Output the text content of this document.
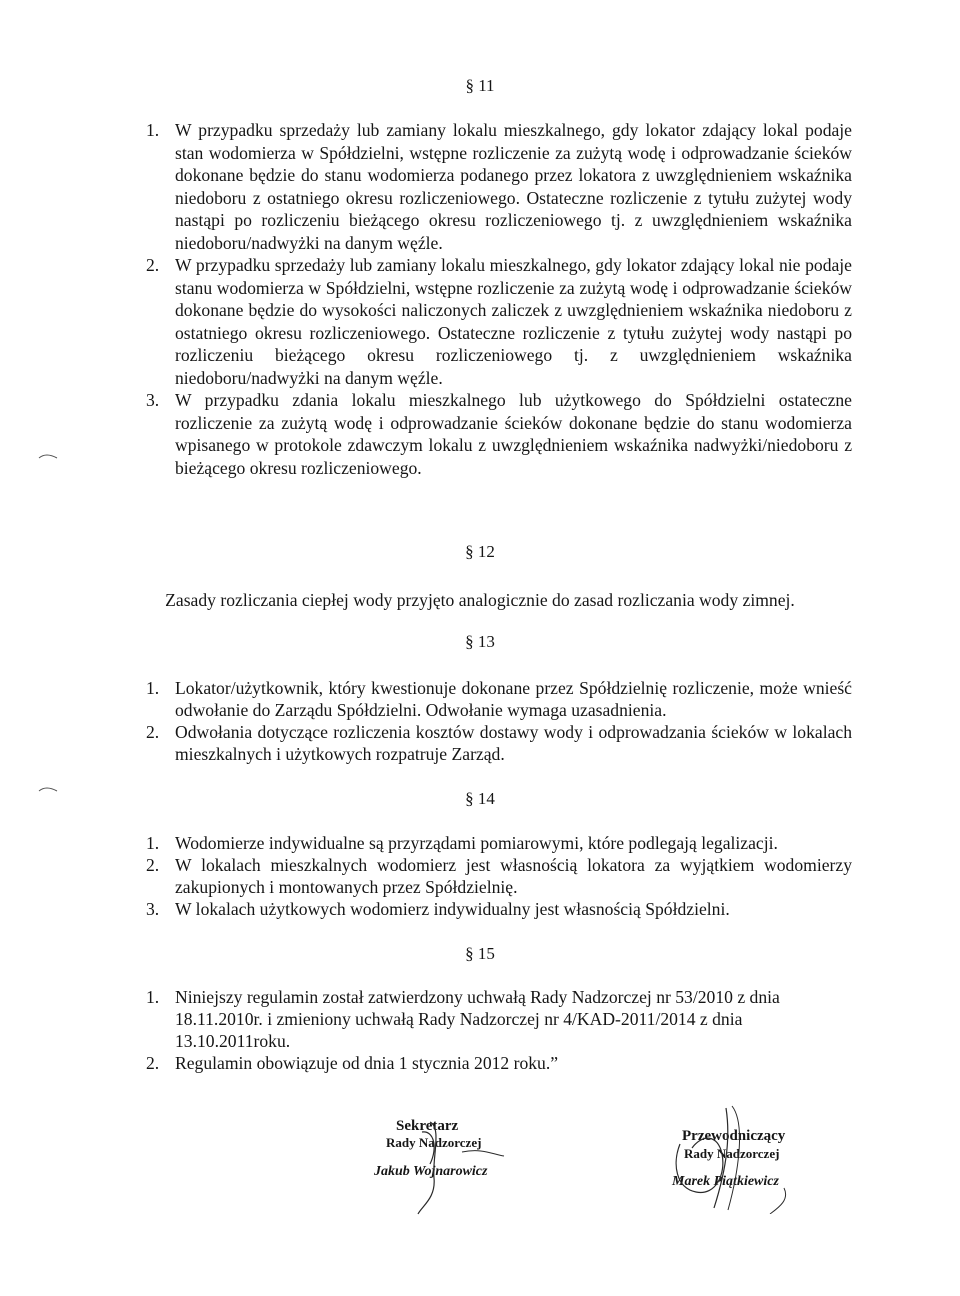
§ 11
1. W przypadku sprzedaży lub zamiany lokalu mieszkalnego, gdy lokator zdający lokal podaje stan wodomierza w Spółdzielni, wstępne rozliczenie za zużytą wodę i odprowadzanie ścieków dokonane będzie do stanu wodomierza podanego przez lokatora z uwzględnieniem wskaźnika niedoboru z ostatniego okresu rozliczeniowego. Ostateczne rozliczenie z tytułu zużytej wody nastąpi po rozliczeniu bieżącego okresu rozliczeniowego tj. z uwzględnieniem wskaźnika niedoboru/nadwyżki na danym węźle.
2. W przypadku sprzedaży lub zamiany lokalu mieszkalnego, gdy lokator zdający lokal nie podaje stanu wodomierza w Spółdzielni, wstępne rozliczenie za zużytą wodę i odprowadzanie ścieków dokonane będzie do wysokości naliczonych zaliczek z uwzględnieniem wskaźnika niedoboru z ostatniego okresu rozliczeniowego. Ostateczne rozliczenie z tytułu zużytej wody nastąpi po rozliczeniu bieżącego okresu rozliczeniowego tj. z uwzględnieniem wskaźnika niedoboru/nadwyżki na danym węźle.
3. W przypadku zdania lokalu mieszkalnego lub użytkowego do Spółdzielni ostateczne rozliczenie za zużytą wodę i odprowadzanie ścieków dokonane będzie do stanu wodomierza wpisanego w protokole zdawczym lokalu z uwzględnieniem wskaźnika nadwyżki/niedoboru z bieżącego okresu rozliczeniowego.
§ 12
Zasady rozliczania ciepłej wody przyjęto analogicznie do zasad rozliczania wody zimnej.
§ 13
1. Lokator/użytkownik, który kwestionuje dokonane przez Spółdzielnię rozliczenie, może wnieść odwołanie do Zarządu Spółdzielni. Odwołanie wymaga uzasadnienia.
2. Odwołania dotyczące rozliczenia kosztów dostawy wody i odprowadzania ścieków w lokalach mieszkalnych i użytkowych rozpatruje Zarząd.
§ 14
1. Wodomierze indywidualne są przyrządami pomiarowymi, które podlegają legalizacji.
2. W lokalach mieszkalnych wodomierz jest własnością lokatora za wyjątkiem wodomierzy zakupionych i montowanych przez Spółdzielnię.
3. W lokalach użytkowych wodomierz indywidualny jest własnością Spółdzielni.
§ 15
1. Niniejszy regulamin został zatwierdzony uchwałą Rady Nadzorczej nr 53/2010 z dnia 18.11.2010r. i zmieniony uchwałą Rady Nadzorczej nr 4/KAD-2011/2014 z dnia 13.10.2011roku.
2. Regulamin obowiązuje od dnia 1 stycznia 2012 roku.”
Sekretarz
Rady Nadzorczej
Jakub Wojnarowicz
Przewodniczący
Rady Nadzorczej
Marek Piątkiewicz
